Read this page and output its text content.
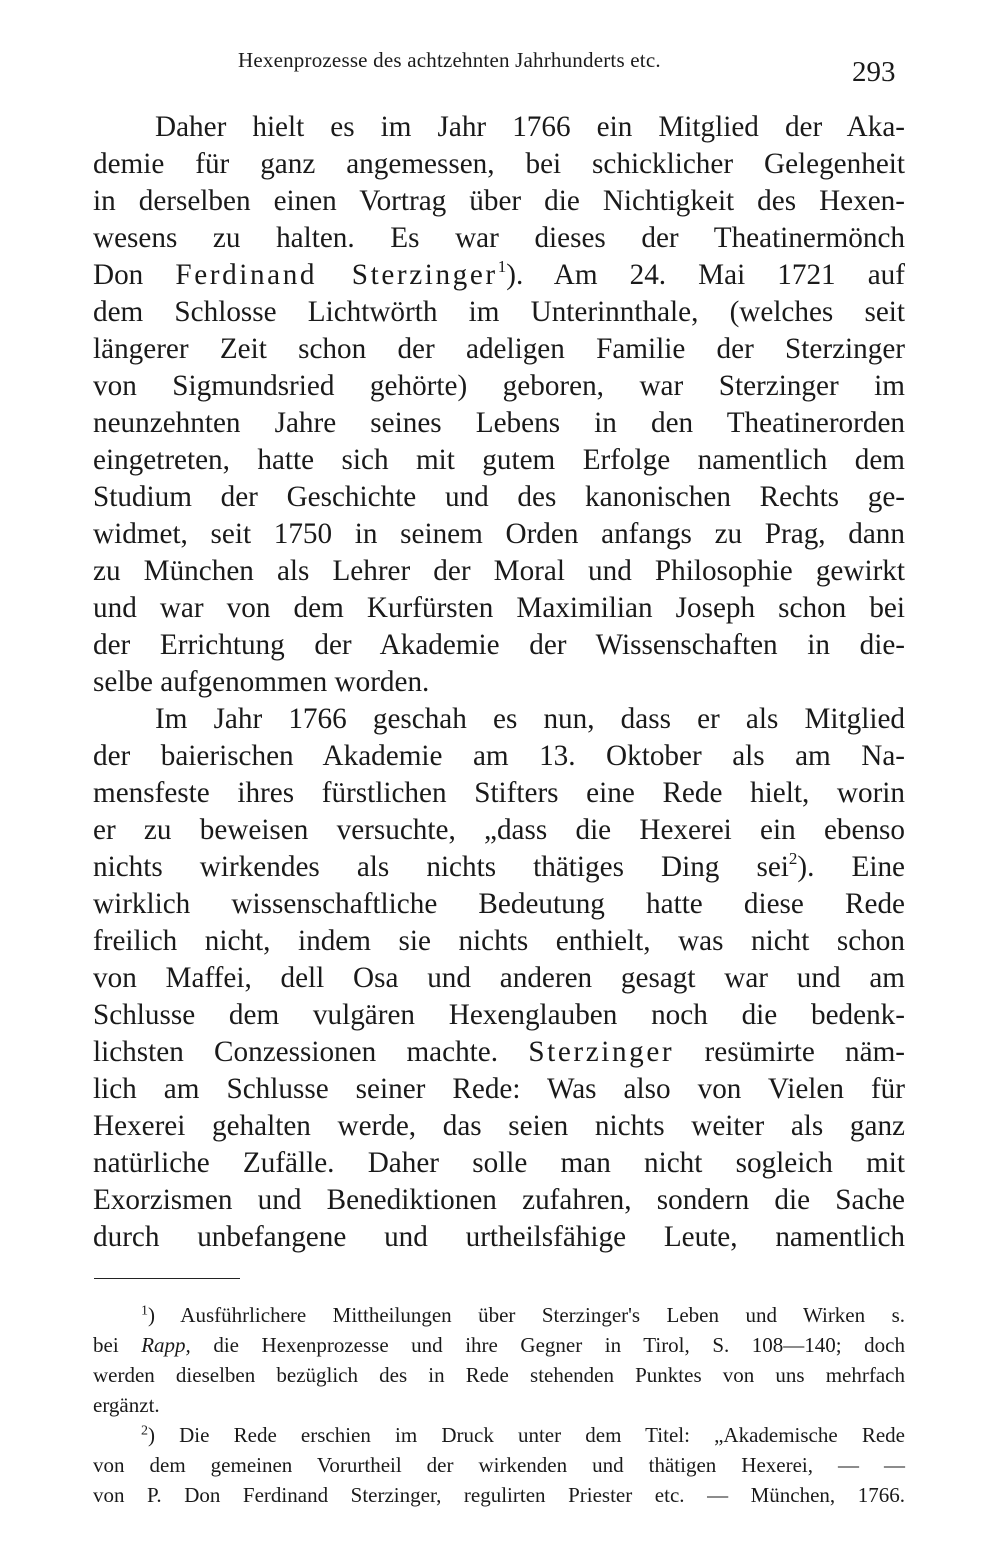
Hexenprozesse des achtzehnten Jahrhunderts etc.	293
Daher hielt es im Jahr 1766 ein Mitglied der Aka-
demie für ganz angemessen, bei schicklicher Gelegenheit
in derselben einen Vortrag über die Nichtigkeit des Hexen-
wesens zu halten. Es war dieses der Theatinermönch
Don Ferdinand Sterzinger$^1$). Am 24. Mai 1721 auf
dem Schlosse Lichtwörth im Unterinnthale, (welches seit
längerer Zeit schon der adeligen Familie der Sterzinger
von Sigmundsried gehörte) geboren, war Sterzinger im
neunzehnten Jahre seines Lebens in den Theatinerorden
eingetreten, hatte sich mit gutem Erfolge namentlich dem
Studium der Geschichte und des kanonischen Rechts ge-
widmet, seit 1750 in seinem Orden anfangs zu Prag, dann
zu München als Lehrer der Moral und Philosophie gewirkt
und war von dem Kurfürsten Maximilian Joseph schon bei
der Errichtung der Akademie der Wissenschaften in die-
selbe aufgenommen worden.
Im Jahr 1766 geschah es nun, dass er als Mitglied
der baierischen Akademie am 13. Oktober als am Na-
mensfeste ihres fürstlichen Stifters eine Rede hielt, worin
er zu beweisen versuchte, „dass die Hexerei ein ebenso
nichts wirkendes als nichts thätiges Ding sei$^2$). Eine
wirklich wissenschaftliche Bedeutung hatte diese Rede
freilich nicht, indem sie nichts enthielt, was nicht schon
von Maffei, dell Osa und anderen gesagt war und am
Schlusse dem vulgären Hexenglauben noch die bedenk-
lichsten Conzessionen machte. Sterzinger resümirte näm-
lich am Schlusse seiner Rede: Was also von Vielen für
Hexerei gehalten werde, das seien nichts weiter als ganz
natürliche Zufälle. Daher solle man nicht sogleich mit
Exorzismen und Benediktionen zufahren, sondern die Sache
durch unbefangene und urtheilsfähige Leute, namentlich
$^1$) Ausführlichere Mittheilungen über Sterzinger's Leben und Wirken s.
bei Rapp, die Hexenprozesse und ihre Gegner in Tirol, S. 108—140; doch
werden dieselben bezüglich des in Rede stehenden Punktes von uns mehrfach
ergänzt.
$^2$) Die Rede erschien im Druck unter dem Titel: „Akademische Rede
von dem gemeinen Vorurtheil der wirkenden und thätigen Hexerei, — —
von P. Don Ferdinand Sterzinger, regulirten Priester etc. — München, 1766.
